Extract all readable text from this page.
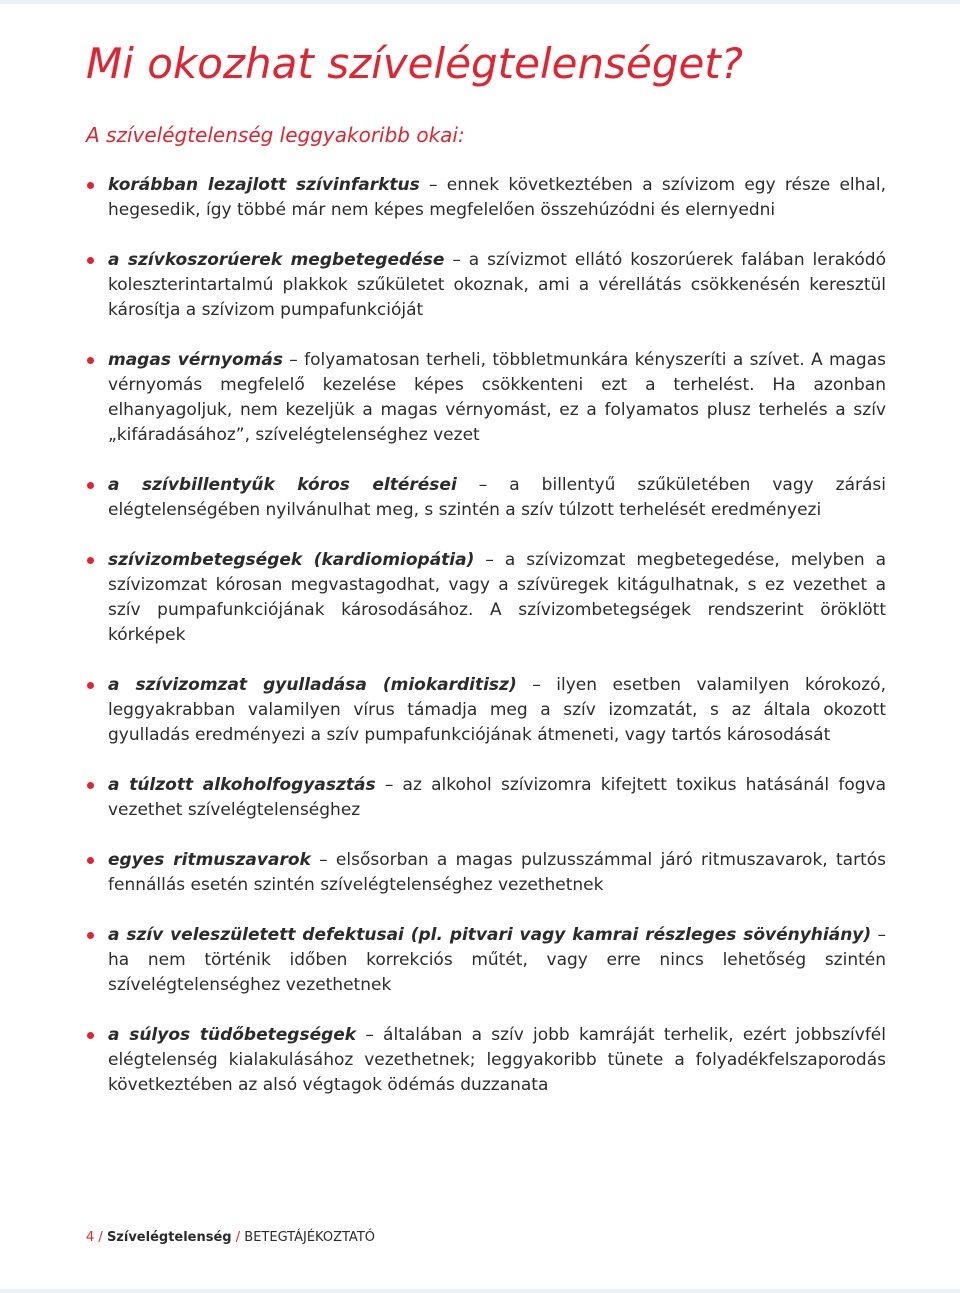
Mi okozhat szívelégtelenséget?
A szívelégtelenség leggyakoribb okai:
korábban lezajlott szívinfarktus – ennek következtében a szívizom egy része elhal, hegesedik, így többé már nem képes megfelelően összehúzódni és elernyedni
a szívkoszorúerek megbetegedése – a szívizmot ellátó koszorúerek falában lerakódó koleszterintartalmú plakkok szűkületet okoznak, ami a vérellátás csökkenésén keresztül károsítja a szívizom pumpafunkcióját
magas vérnyomás – folyamatosan terheli, többletmunkára kényszeríti a szívet. A magas vérnyomás megfelelő kezelése képes csökkenteni ezt a terhelést. Ha azonban elhanyagoljuk, nem kezeljük a magas vérnyomást, ez a folyamatos plusz terhelés a szív „kifáradásához”, szívelégtelenséghez vezet
a szívbillentyűk kóros eltérései – a billentyű szűkületében vagy zárási elégtelenségében nyilvánulhat meg, s szintén a szív túlzott terhelését eredményezi
szívizombetegségek (kardiomiopátia) – a szívizomzat megbetegedése, melyben a szívizomzat kórosan megvastagodhat, vagy a szívüregek kitágulhatnak, s ez vezethet a szív pumpafunkciójának károsodásához. A szívizombetegségek rendszerint öröklött kórképek
a szívizomzat gyulladása (miokarditisz) – ilyen esetben valamilyen kórokozó, leggyakrabban valamilyen vírus támadja meg a szív izomzatát, s az általa okozott gyulladás eredményezi a szív pumpafunkciójának átmeneti, vagy tartós károsodását
a túlzott alkoholfogyasztás – az alkohol szívizomra kifejtett toxikus hatásánál fogva vezethet szívelégtelenséghez
egyes ritmuszavarok – elsősorban a magas pulzusszámmal járó ritmuszavarok, tartós fennállás esetén szintén szívelégtelenséghez vezethetnek
a szív veleszületett defektusai (pl. pitvari vagy kamrai részleges sövényhiány) – ha nem történik időben korrekciós műtét, vagy erre nincs lehetőség szintén szívelégtelenséghez vezethetnek
a súlyos tüdőbetegségek – általában a szív jobb kamráját terhelik, ezért jobbszívfél elégtelenség kialakulásához vezethetnek; leggyakoribb tünete a folyadékfelszaporodás következtében az alsó végtagok ödémás duzzanata
4 / Szívelégtelenség / BETEGTÁJÉKOZTATÓ
